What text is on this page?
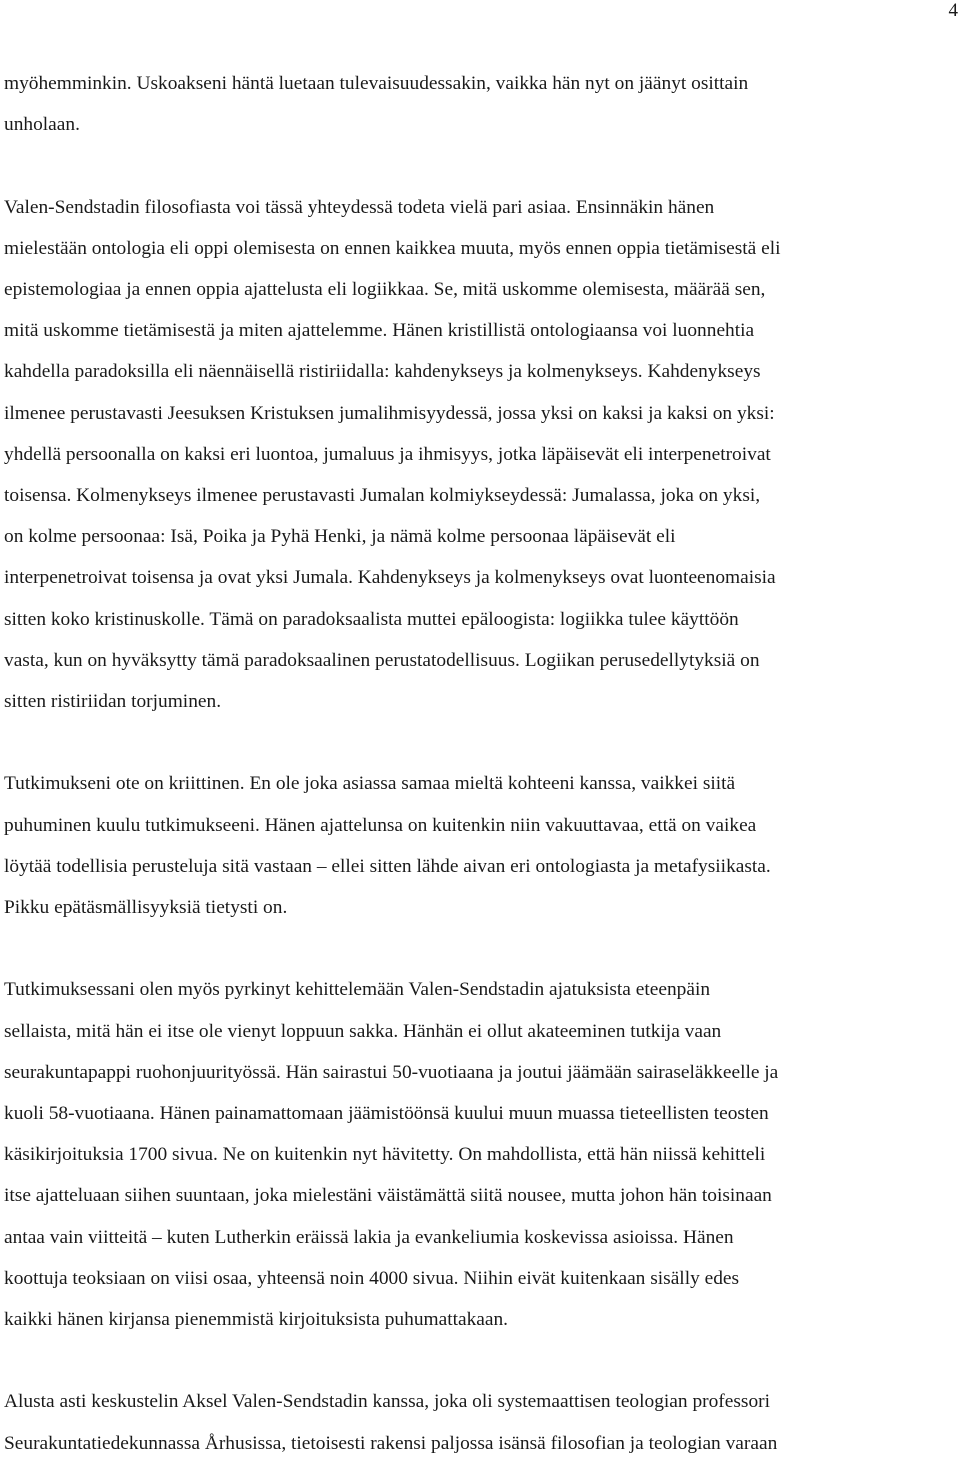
4

myöhemminkin. Uskoakseni häntä luetaan tulevaisuudessakin, vaikka hän nyt on jäänyt osittain
unholaan.

Valen-Sendstadin filosofiasta voi tässä yhteydessä todeta vielä pari asiaa. Ensinnäkin hänen
mielestään ontologia eli oppi olemisesta on ennen kaikkea muuta, myös ennen oppia tietämisestä eli
epistemologiaa ja ennen oppia ajattelusta eli logiikkaa. Se, mitä uskomme olemisesta, määrää sen,
mitä uskomme tietämisestä ja miten ajattelemme. Hänen kristillistä ontologiaansa voi luonnehtia
kahdella paradoksilla eli näennäisellä ristiriidalla: kahdenykseys ja kolmenykseys. Kahdenykseys
ilmenee perustavasti Jeesuksen Kristuksen jumalihmisyydessä, jossa yksi on kaksi ja kaksi on yksi:
yhdellä persoonalla on kaksi eri luontoa, jumaluus ja ihmisyys, jotka läpäisevät eli interpenetroivat
toisensa. Kolmenykseys ilmenee perustavasti Jumalan kolmiykseydessä: Jumalassa, joka on yksi,
on kolme persoonaa: Isä, Poika ja Pyhä Henki, ja nämä kolme persoonaa läpäisevät eli
interpenetroivat toisensa ja ovat yksi Jumala. Kahdenykseys ja kolmenykseys ovat luonteenomaisia
sitten koko kristinuskolle. Tämä on paradoksaalista muttei epäloogista: logiikka tulee käyttöön
vasta, kun on hyväksytty tämä paradoksaalinen perustatodellisuus. Logiikan perusedellytyksiä on
sitten ristiriidan torjuminen.

Tutkimukseni ote on kriittinen. En ole joka asiassa samaa mieltä kohteeni kanssa, vaikkei siitä
puhuminen kuulu tutkimukseeni. Hänen ajattelunsa on kuitenkin niin vakuuttavaa, että on vaikea
löytää todellisia perusteluja sitä vastaan – ellei sitten lähde aivan eri ontologiasta ja metafysiikasta.
Pikku epätäsmällisyyksiä tietysti on.

Tutkimuksessani olen myös pyrkinyt kehittelemään Valen-Sendstadin ajatuksista eteenpäin
sellaista, mitä hän ei itse ole vienyt loppuun sakka. Hänhän ei ollut akateeminen tutkija vaan
seurakuntapappi ruohonjuurityössä. Hän sairastui 50-vuotiaana ja joutui jäämään sairaseläkkeelle ja
kuoli 58-vuotiaana. Hänen painamattomaan jäämistöönsä kuului muun muassa tieteellisten teosten
käsikirjoituksia 1700 sivua. Ne on kuitenkin nyt hävitetty. On mahdollista, että hän niissä kehitteli
itse ajatteluaan siihen suuntaan, joka mielestäni väistämättä siitä nousee, mutta johon hän toisinaan
antaa vain viitteitä – kuten Lutherkin eräissä lakia ja evankeliumia koskevissa asioissa. Hänen
koottuja teoksiaan on viisi osaa, yhteensä noin 4000 sivua. Niihin eivät kuitenkaan sisälly edes
kaikki hänen kirjansa pienemmistä kirjoituksista puhumattakaan.

Alusta asti keskustelin Aksel Valen-Sendstadin kanssa, joka oli systemaattisen teologian professori
Seurakuntatiedekunnassa Århusissa, tietoisesti rakensi paljossa isänsä filosofian ja teologian varaan
